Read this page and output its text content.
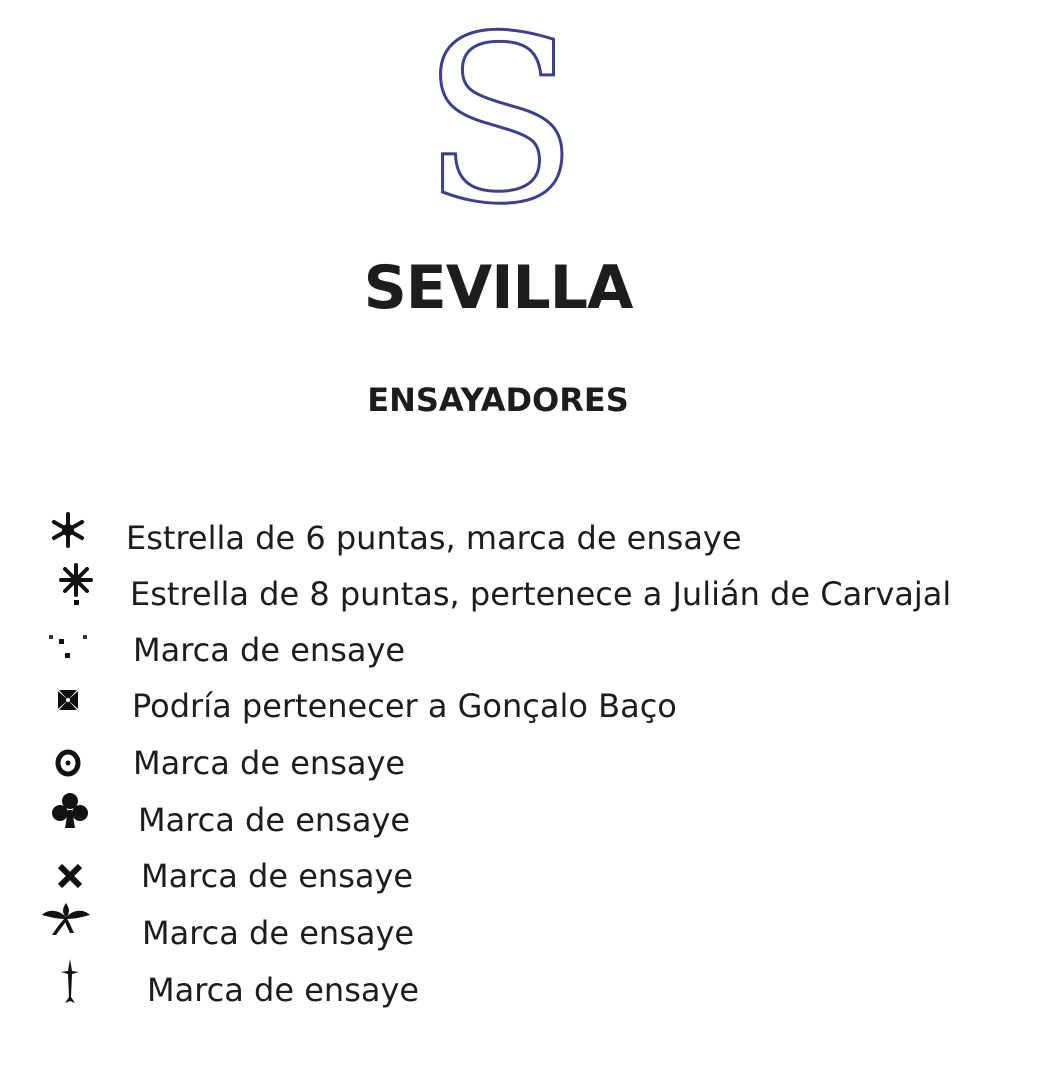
S
SEVILLA
ENSAYADORES
Estrella de 6 puntas, marca de ensaye
Estrella de 8 puntas, pertenece a Julián de Carvajal
Marca de ensaye
Podría pertenecer a Gonçalo Baço
Marca de ensaye
Marca de ensaye
Marca de ensaye
Marca de ensaye
Marca de ensaye
